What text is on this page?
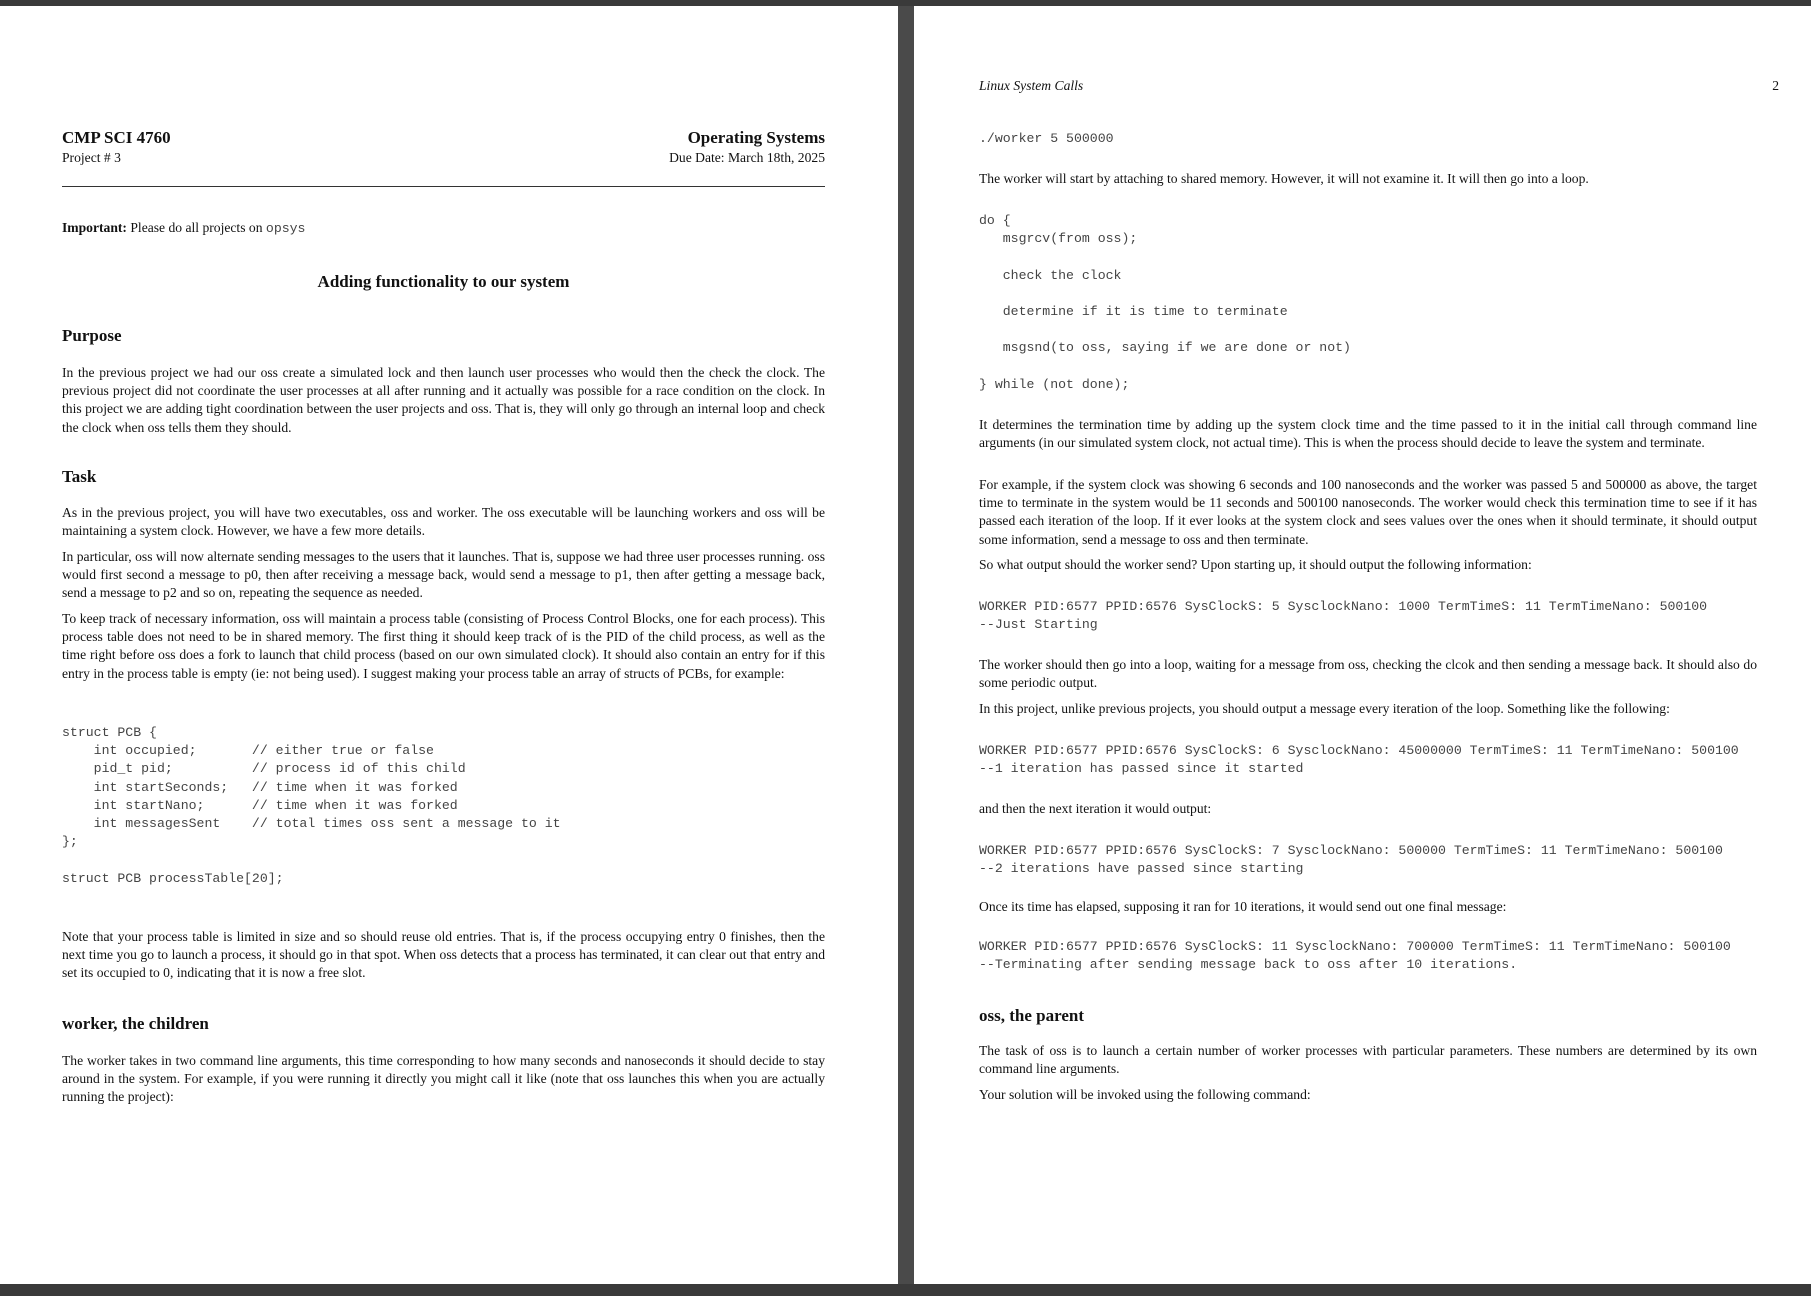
CMP SCI 4760
Project # 3
Operating Systems
Due Date: March 18th, 2025
Important: Please do all projects on opsys
Adding functionality to our system
Purpose

In the previous project we had our oss create a simulated lock and then launch user processes who would then the check the clock. The previous project did not coordinate the user processes at all after running and it actually was possible for a race condition on the clock. In this project we are adding tight coordination between the user projects and oss. That is, they will only go through an internal loop and check the clock when oss tells them they should.

Task

As in the previous project, you will have two executables, oss and worker. The oss executable will be launching workers and oss will be maintaining a system clock. However, we have a few more details.

In particular, oss will now alternate sending messages to the users that it launches. That is, suppose we had three user processes running. oss would first second a message to p0, then after receiving a message back, would send a message to p1, then after getting a message back, send a message to p2 and so on, repeating the sequence as needed.

To keep track of necessary information, oss will maintain a process table (consisting of Process Control Blocks, one for each process). This process table does not need to be in shared memory. The first thing it should keep track of is the PID of the child process, as well as the time right before oss does a fork to launch that child process (based on our own simulated clock). It should also contain an entry for if this entry in the process table is empty (ie: not being used). I suggest making your process table an array of structs of PCBs, for example:

struct PCB {
int occupied;       // either true or false
pid_t pid;          // process id of this child
int startSeconds;   // time when it was forked
int startNano;      // time when it was forked
int messagesSent    // total times oss sent a message to it
};
struct PCB processTable[20];

Note that your process table is limited in size and so should reuse old entries. That is, if the process occupying entry 0 finishes, then the next time you go to launch a process, it should go in that spot. When oss detects that a process has terminated, it can clear out that entry and set its occupied to 0, indicating that it is now a free slot.

worker, the children

The worker takes in two command line arguments, this time corresponding to how many seconds and nanoseconds it should decide to stay around in the system. For example, if you were running it directly you might call it like (note that oss launches this when you are actually running the project):

Linux System Calls	2
./worker 5 500000

The worker will start by attaching to shared memory. However, it will not examine it. It will then go into a loop.

do {
msgrcv(from oss);

check the clock

determine if it is time to terminate

msgsnd(to oss, saying if we are done or not)

} while (not done);

It determines the termination time by adding up the system clock time and the time passed to it in the initial call through command line arguments (in our simulated system clock, not actual time). This is when the process should decide to leave the system and terminate.

For example, if the system clock was showing 6 seconds and 100 nanoseconds and the worker was passed 5 and 500000 as above, the target time to terminate in the system would be 11 seconds and 500100 nanoseconds. The worker would check this termination time to see if it has passed each iteration of the loop. If it ever looks at the system clock and sees values over the ones when it should terminate, it should output some information, send a message to oss and then terminate.

So what output should the worker send? Upon starting up, it should output the following information:

WORKER PID:6577 PPID:6576 SysClockS: 5 SysclockNano: 1000 TermTimeS: 11 TermTimeNano: 500100
--Just Starting

The worker should then go into a loop, waiting for a message from oss, checking the clcok and then sending a message back. It should also do some periodic output.

In this project, unlike previous projects, you should output a message every iteration of the loop. Something like the following:

WORKER PID:6577 PPID:6576 SysClockS: 6 SysclockNano: 45000000 TermTimeS: 11 TermTimeNano: 500100
--1 iteration has passed since it started

and then the next iteration it would output:

WORKER PID:6577 PPID:6576 SysClockS: 7 SysclockNano: 500000 TermTimeS: 11 TermTimeNano: 500100
--2 iterations have passed since starting

Once its time has elapsed, supposing it ran for 10 iterations, it would send out one final message:

WORKER PID:6577 PPID:6576 SysClockS: 11 SysclockNano: 700000 TermTimeS: 11 TermTimeNano: 500100
--Terminating after sending message back to oss after 10 iterations.
oss, the parent

The task of oss is to launch a certain number of worker processes with particular parameters. These numbers are determined by its own command line arguments.

Your solution will be invoked using the following command:
